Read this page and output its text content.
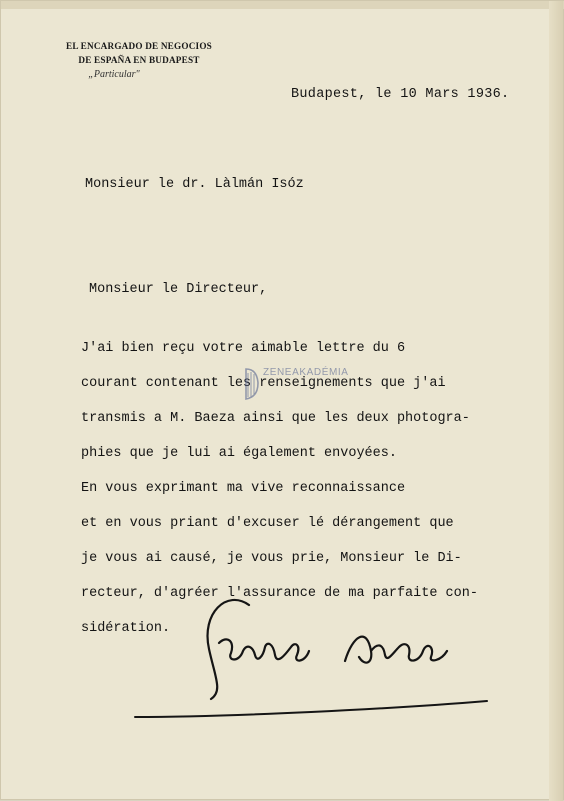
EL ENCARGADO DE NEGOCIOS
DE ESPAÑA EN BUDAPEST
„Particular"
Budapest, le 10 Mars 1936.
Monsieur le dr. Làlmán Isóz
Monsieur le Directeur,
J'ai bien reçu votre aimable lettre du 6
courant contenant les renseignements que j'ai
transmis a M. Baeza ainsi que les deux photogra-
phies que je lui ai également envoyées.
En vous exprimant ma vive reconnaissance
et en vous priant d'excuser lé dérangement que
je vous ai causé, je vous prie, Monsieur le Di-
recteur, d'agréer l'assurance de ma parfaite con-
sidération.
ZENEAKADÉMIA
